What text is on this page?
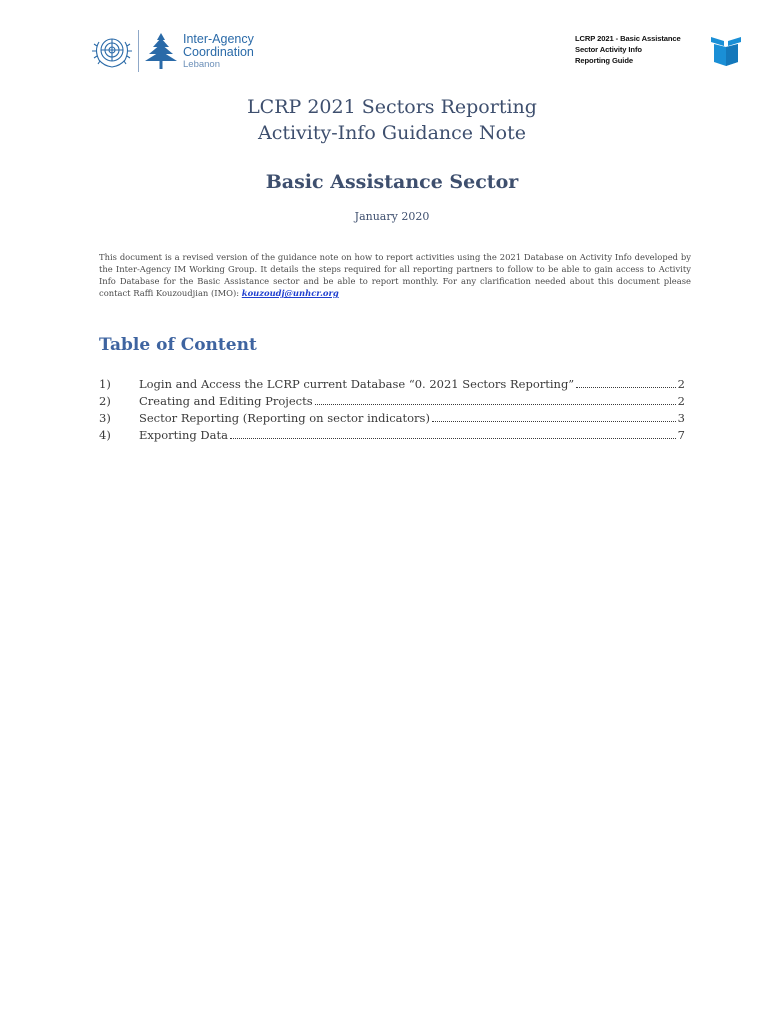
Inter-Agency
Coordination
Lebanon
LCRP 2021 - Basic Assistance
Sector Activity Info
Reporting Guide
LCRP 2021 Sectors Reporting
Activity-Info Guidance Note
Basic Assistance Sector
January 2020

This document is a revised version of the guidance note on how to report activities using the 2021 Database on Activity Info developed by the Inter-Agency IM Working Group. It details the steps required for all reporting partners to follow to be able to gain access to Activity Info Database for the Basic Assistance sector and be able to report monthly. For any clarification needed about this document please contact Raffi Kouzoudjian (IMO): kouzoudj@unhcr.org

Table of Content
1)	Login and Access the LCRP current Database “0. 2021 Sectors Reporting”	2
2)	Creating and Editing Projects	2
3)	Sector Reporting (Reporting on sector indicators)	3
4)	Exporting Data	7
